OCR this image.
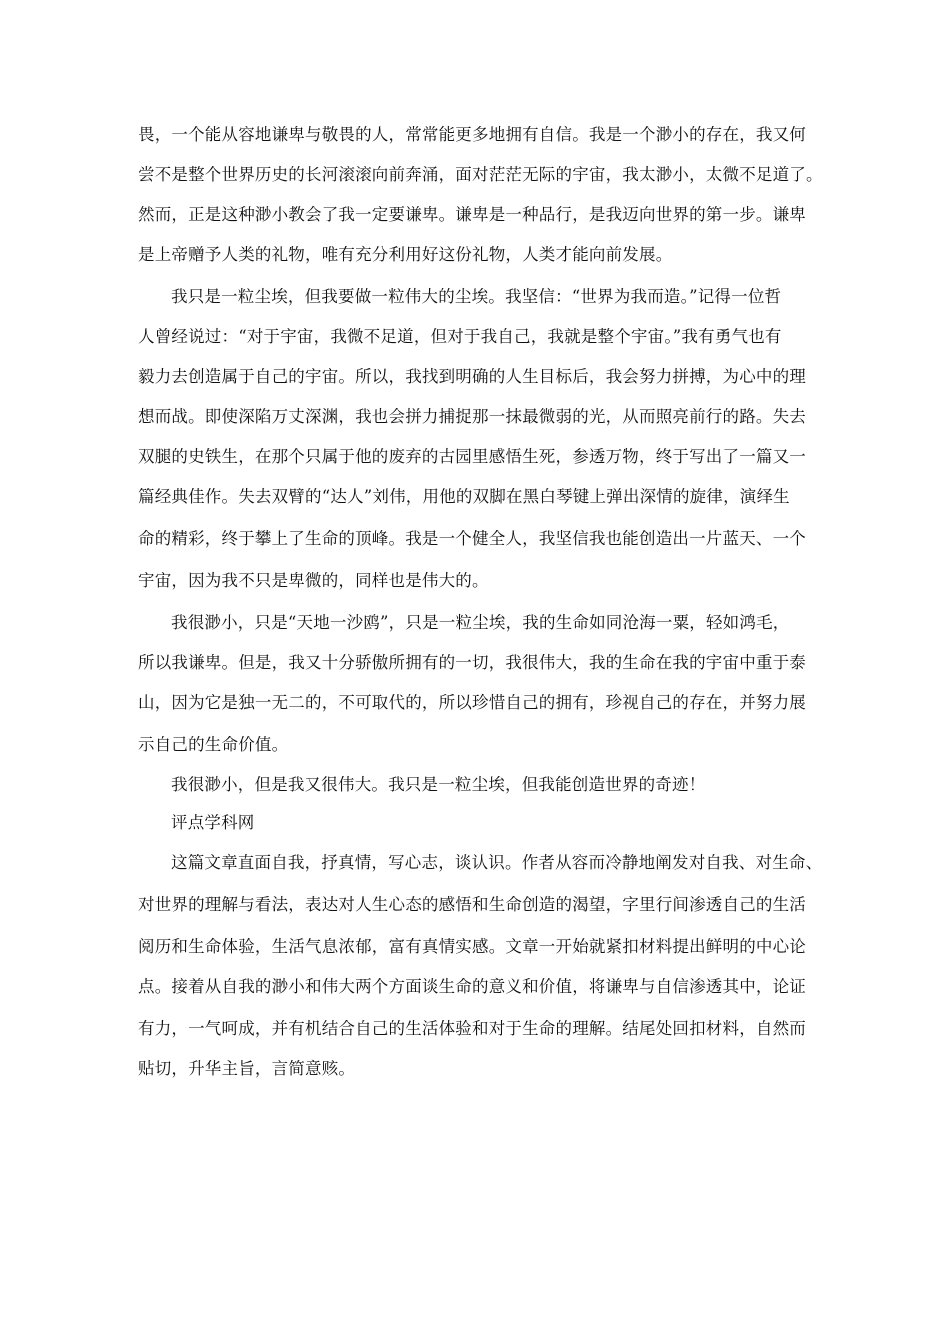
畏，一个能从容地谦卑与敬畏的人，常常能更多地拥有自信。我是一个渺小的存在，我又何
尝不是整个世界历史的长河滚滚向前奔涌，面对茫茫无际的宇宙，我太渺小，太微不足道了。
然而，正是这种渺小教会了我一定要谦卑。谦卑是一种品行，是我迈向世界的第一步。谦卑
是上帝赠予人类的礼物，唯有充分利用好这份礼物，人类才能向前发展。
我只是一粒尘埃，但我要做一粒伟大的尘埃。我坚信：“世界为我而造。”记得一位哲
人曾经说过：“对于宇宙，我微不足道，但对于我自己，我就是整个宇宙。”我有勇气也有
毅力去创造属于自己的宇宙。所以，我找到明确的人生目标后，我会努力拼搏，为心中的理
想而战。即使深陷万丈深渊，我也会拼力捕捉那一抹最微弱的光，从而照亮前行的路。失去
双腿的史铁生，在那个只属于他的废弃的古园里感悟生死，参透万物，终于写出了一篇又一
篇经典佳作。失去双臂的“达人”刘伟，用他的双脚在黑白琴键上弹出深情的旋律，演绎生
命的精彩，终于攀上了生命的顶峰。我是一个健全人，我坚信我也能创造出一片蓝天、一个
宇宙，因为我不只是卑微的，同样也是伟大的。
我很渺小，只是“天地一沙鸥”，只是一粒尘埃，我的生命如同沧海一粟，轻如鸿毛，
所以我谦卑。但是，我又十分骄傲所拥有的一切，我很伟大，我的生命在我的宇宙中重于泰
山，因为它是独一无二的，不可取代的，所以珍惜自己的拥有，珍视自己的存在，并努力展
示自己的生命价值。
我很渺小，但是我又很伟大。我只是一粒尘埃，但我能创造世界的奇迹！
评点学科网
这篇文章直面自我，抒真情，写心志，谈认识。作者从容而冷静地阐发对自我、对生命、
对世界的理解与看法，表达对人生心态的感悟和生命创造的渴望，字里行间渗透自己的生活
阅历和生命体验，生活气息浓郁，富有真情实感。文章一开始就紧扣材料提出鲜明的中心论
点。接着从自我的渺小和伟大两个方面谈生命的意义和价值，将谦卑与自信渗透其中，论证
有力，一气呵成，并有机结合自己的生活体验和对于生命的理解。结尾处回扣材料，自然而
贴切，升华主旨，言简意赅。
